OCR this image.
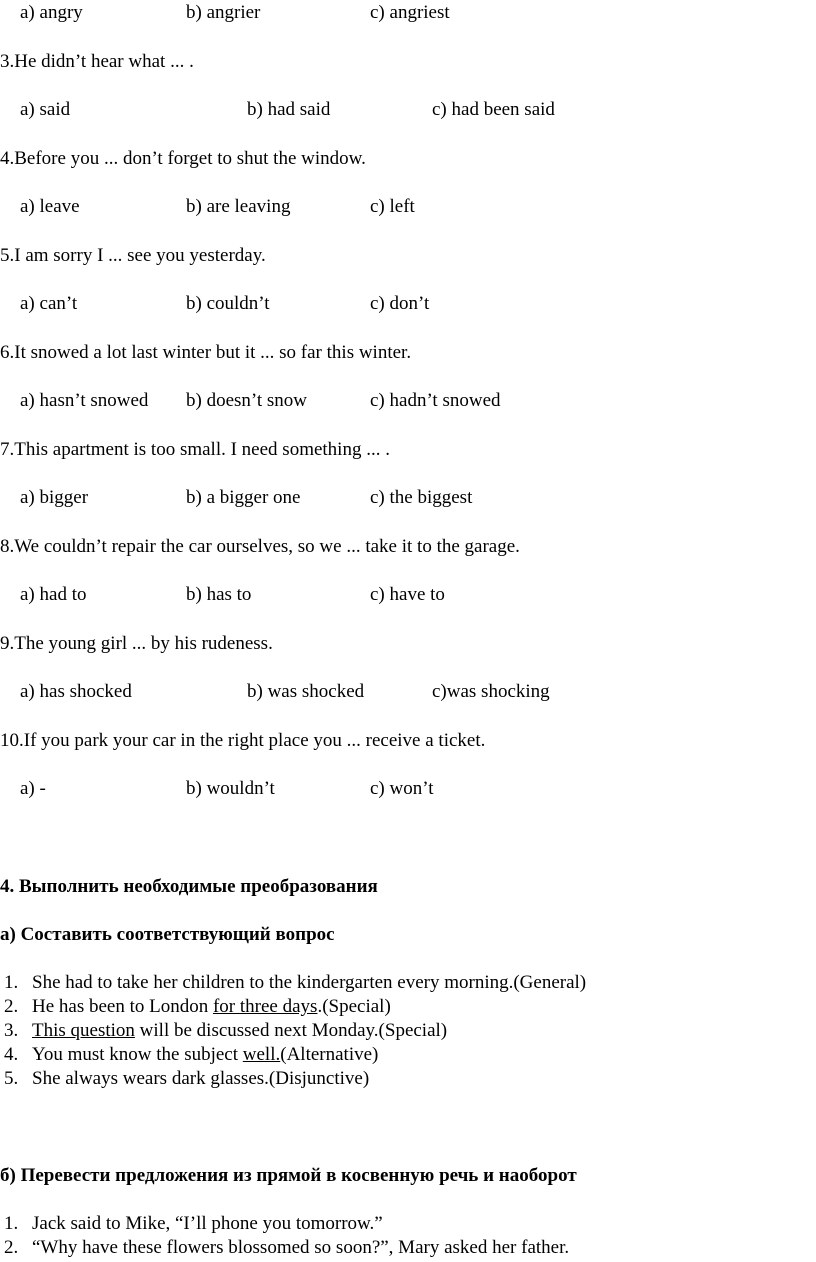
a) angry	b) angrier	c) angriest
3.He didn’t hear what ... .
a) said	b) had said	c) had been said
4.Before you ... don’t forget to shut the window.
a) leave	b) are leaving	c) left
5.I am sorry I ... see you yesterday.
a) can’t	b) couldn’t	c) don’t
6.It snowed a lot last winter but it ... so far this winter.
a) hasn’t snowed b) doesn’t snow	c) hadn’t snowed
7.This apartment is too small. I need something ... .
a) bigger	b) a bigger one	c) the biggest
8.We couldn’t repair the car ourselves, so we ... take it to the garage.
a) had to	b) has to	c) have to
9.The young girl ... by his rudeness.
a) has shocked	b) was shocked	c)was shocking
10.If you park your car in the right place you ... receive a ticket.
a) -	b) wouldn’t	c) won’t
4. Выполнить необходимые преобразования
а) Составить соответствующий вопрос
1. She had to take her children to the kindergarten every morning.(General)
2. He has been to London for three days.(Special)
3. This question will be discussed next Monday.(Special)
4. You must know the subject well.(Alternative)
5. She always wears dark glasses.(Disjunctive)
б) Перевести предложения из прямой в косвенную речь и наоборот
1. Jack said to Mike, “I’ll phone you tomorrow.”
2. “Why have these flowers blossomed so soon?”, Mary asked her father.
